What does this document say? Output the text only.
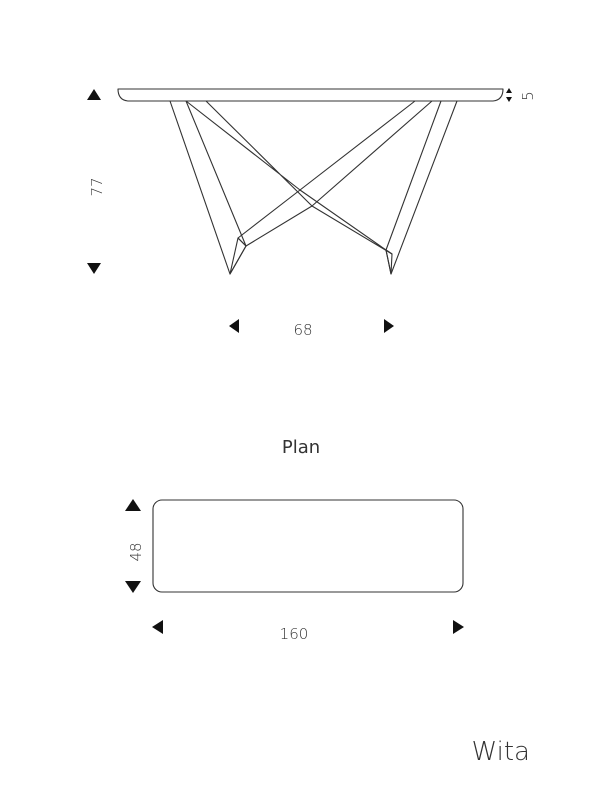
77
5
68
Plan
48
160
Wita
